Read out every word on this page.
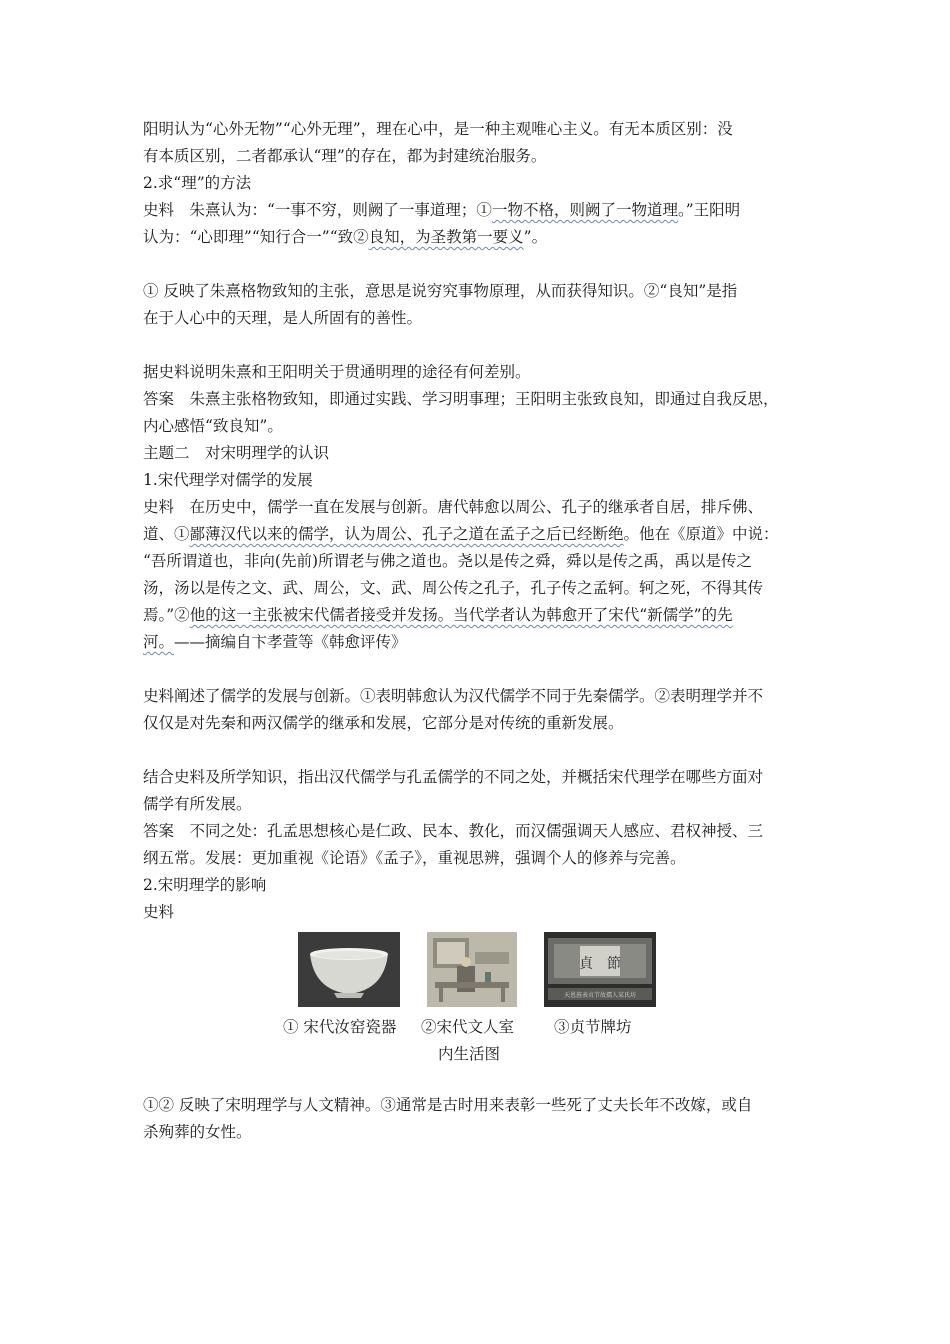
阳明认为“心外无物”“心外无理”，理在心中，是一种主观唯心主义。有无本质区别：没

有本质区别，二者都承认“理”的存在，都为封建统治服务。

2.求“理”的方法

史料　朱熹认为：“一事不穷，则阙了一事道理；①一物不格，则阙了一物道理。”王阳明

认为：“心即理”“知行合一”“致②良知，为圣教第一要义”。

① 反映了朱熹格物致知的主张，意思是说穷究事物原理，从而获得知识。②“良知”是指

在于人心中的天理，是人所固有的善性。

据史料说明朱熹和王阳明关于贯通明理的途径有何差别。

答案　朱熹主张格物致知，即通过实践、学习明事理；王阳明主张致良知，即通过自我反思，

内心感悟“致良知”。

主题二　对宋明理学的认识

1.宋代理学对儒学的发展

史料　在历史中，儒学一直在发展与创新。唐代韩愈以周公、孔子的继承者自居，排斥佛、

道、①鄙薄汉代以来的儒学，认为周公、孔子之道在孟子之后已经断绝。他在《原道》中说：

“吾所谓道也，非向(先前)所谓老与佛之道也。尧以是传之舜，舜以是传之禹，禹以是传之

汤，汤以是传之文、武、周公，文、武、周公传之孔子，孔子传之孟轲。轲之死，不得其传

焉。”②他的这一主张被宋代儒者接受并发扬。当代学者认为韩愈开了宋代“新儒学”的先

河。——摘编自卞孝萱等《韩愈评传》

史料阐述了儒学的发展与创新。①表明韩愈认为汉代儒学不同于先秦儒学。②表明理学并不

仅仅是对先秦和两汉儒学的继承和发展，它部分是对传统的重新发展。

结合史料及所学知识，指出汉代儒学与孔孟儒学的不同之处，并概括宋代理学在哪些方面对

儒学有所发展。

答案　不同之处：孔孟思想核心是仁政、民本、教化，而汉儒强调天人感应、君权神授、三

纲五常。发展：更加重视《论语》《孟子》，重视思辨，强调个人的修养与完善。

2.宋明理学的影响

史料

貞　節
天恩旌表贞节故孺人某氏坊
① 宋代汝窑瓷器 ②宋代文人室	③贞节牌坊
内生活图

①② 反映了宋明理学与人文精神。③通常是古时用来表彰一些死了丈夫长年不改嫁，或自

杀殉葬的女性。
